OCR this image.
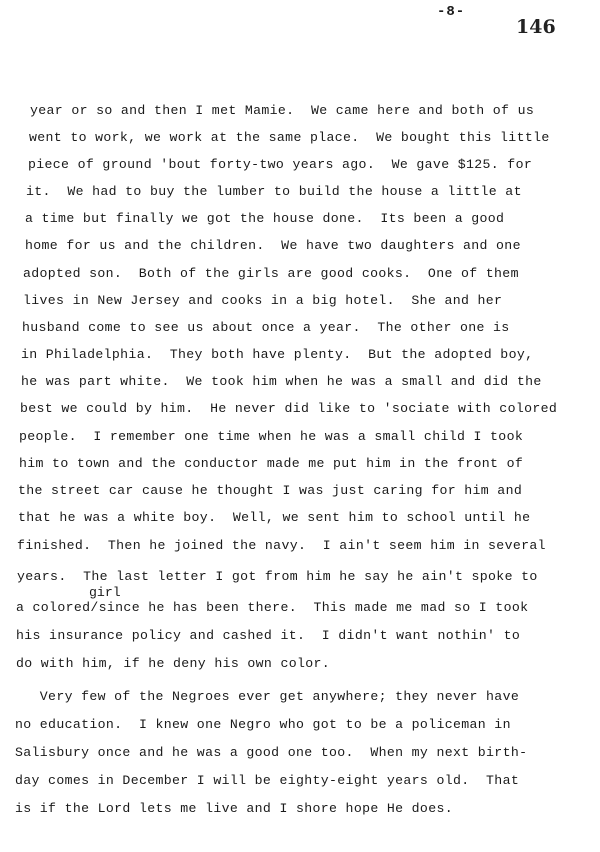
-8-
146
year or so and then I met Mamie.  We came here and both of us
went to work, we work at the same place.  We bought this little
piece of ground 'bout forty-two years ago.  We gave $125. for
it.  We had to buy the lumber to build the house a little at
a time but finally we got the house done.  Its been a good
home for us and the children.  We have two daughters and one
adopted son.  Both of the girls are good cooks.  One of them
lives in New Jersey and cooks in a big hotel.  She and her
husband come to see us about once a year.  The other one is
in Philadelphia.  They both have plenty.  But the adopted boy,
he was part white.  We took him when he was a small and did the
best we could by him.  He never did like to 'sociate with colored
people.  I remember one time when he was a small child I took
him to town and the conductor made me put him in the front of
the street car cause he thought I was just caring for him and
that he was a white boy.  Well, we sent him to school until he
finished.  Then he joined the navy.  I ain't seem him in several
years.  The last letter I got from him he say he ain't spoke to
girl
a colored/since he has been there.  This made me mad so I took
his insurance policy and cashed it.  I didn't want nothin' to
do with him, if he deny his own color.
Very few of the Negroes ever get anywhere; they never have
no education.  I knew one Negro who got to be a policeman in
Salisbury once and he was a good one too.  When my next birth-
day comes in December I will be eighty-eight years old.  That
is if the Lord lets me live and I shore hope He does.
